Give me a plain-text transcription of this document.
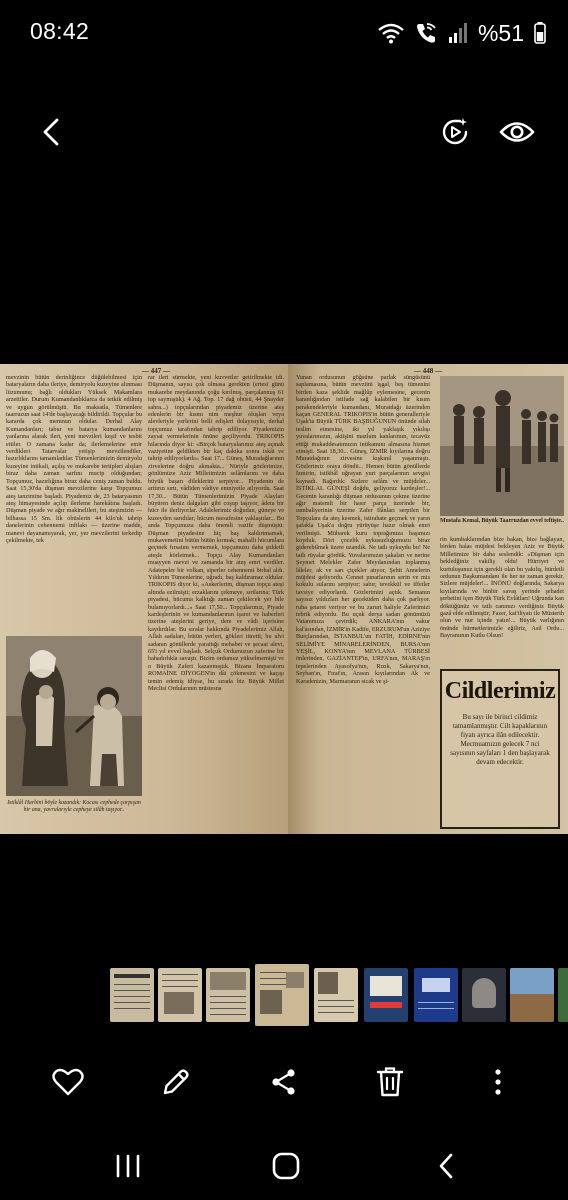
08:42	%51
— 447 —
mevzinin bütün derinliğince düğülebilmesi için bataryaların daha ileriye, demiryolu kuzeyine alınması lüzumunu; bağlı oldukları Yüksek Makamlara arzettiler. Durum Kumandanlıklarca da tetkik edilmiş ve uygun görülmüştü. Bu maksatla, Tümenlere taarruzun saat 14'de başlayacağı bildirildi. Topçular bu kararda çok memnun oldular. Derhal Alay Kumandanları; tabur ve batarya kumandanlarını yanlarına alarak ileri, yeni mevzileri keşif ve tesbit ettiler. O zamana kadar da; ilerlemelerine emir verdikleri Tatarvalar yetişip mevzilendiler, hazırlıklarını tamamladılar. Tümenlerimizin demiryolu kuzeyine intikali, açılış ve mukarebe tertipleri alışları biraz daha zaman sarfını mucip olduğundan; Topçumuz, hazırlığına biraz daha ceniş zaman buldu. Saat 15,30'da düşman mevzilerine karşı Topçumuz ateş tanzimine başladı. Piyademiz de, 23 bataryasının ateş himayesinde açılıp ilerleme harekâtına başladı. Düşman piyade ve ağır makinelileri, bu ateşimizin — bilhassa 15 Sm. lik obüslerin 44 kilo'uk tahrip danelerinin cehennemi infilakı — üzerine madde, manevi dayanamıyarak, yer, yer mevzilerini terkedip çekilmekte, tek
rar ileri sürmekte, yeni kuvvetler getirilmekte idi. Düşmanın, sayısı çok olmasa gerekten (ertesi günü mukarebe meydanında çoğu kırılmış, parçalanmış 61 top saymıştık). 4 Ağ. Top. 17 dağ obüsü, 44 Şnayder sahra...) topçularından piyademiz üzerine ateş edenlerin bir kısmı nim meşhur oluşları veya alevleriyle yerlerini belli edişleri dolayısıyle, derhal topçumuz tarafından tahrip ediliyor. Piyademizin zayıat vermelerinin önüne geçiliyordu. TRIKOPIS hilarında diyor ki: «Birçok bataryalarımız ateş açmak vaziyetine geldikten bir kaç dakika sonra iskât ve tahrip ediliyorlardı». Saat 17... Güneş, Muradağlarının zirvelerine doğru akmakta... Nüriyle gözlerimize, gönlümüze Aziz Milletimizin selâmlarını ve daha büyük başarı dileklerini serpiyor... Piyadenin de arttırın sırtı, vâdiden vâdiye emniyetle atlıyordu. Saat 17,30... Bütün Tümenlerimizin Piyade Alayları büyüren deniz dalgaları gibi coşup taşıyor, âdeta bir hücr ile ilerliyorlar. Adalelerimiz doğudan, güneye ve kuzeyden sarıdılar; hücum mesafesine yaklaştılar... Bu anda Topçumuza daha önemli vazife düşmüştü: Düşman piyadesine hiç baş kaldırtmamak, mukavemetini bütün bütün kırmak; mahalli hücumlara geçmek fırsatını vermemek, topçumuzu daha şiddetli ateşle körletmek... Topçu Alay Kumandanları muayyen mevzi ve zamanda bir ateş emri verdiler. Adatepeler bir volkan, siperler cehennemi birhal aldı. Yıldırım Tümenlerine, uğradı, baş kaldıramaz oldular. TRIKOPIS diyor ki, «Askerlerim, düşman topçu ateşi altında ezilmişti; erzaklarını çekmeye, sırtlarına; Türk piyadesi, hücuma kalktığı zaman çekilecek yer bile bulamıyorlardı...» Saat 17,50... Topçularımız, Piyade kardeşlerinin ve kumandanlarının işaret ve haberleri üzerine ateşlerini geriye, dere ve vâdi içerisine kaydırdılar. Bu sıralar hakkında Piyadelerimiz Allah, Allah sadaları, bütün yerleri, gökleri titretti; bu ulvi sadanın gönüllerde yarattığı mehabet ve şecaat alevi, 65'i yıl evvel başladı. Selçuk Ordumuzun zaferine bir bahadırlıkla savaştı. Bizim ordumuz yükselmemişti ve o Büyük Zaferi kazanmıştık. Bizans İmparatoru ROMAİNE DİYOGEN'in dâi çökmesini ve kaçışı temin edemiş idiyse, bu sırada biz Büyük Millet Meclisi Ordularının müstesna
Istiklâl Harbini böyle kazandık: Kocası cephede çarpışan bir ana, yavrularıyle cepheye silâh taşıyor..
— 448 —
Yunan ordusunun göğsüne parlak süngüsünü saplamasına, bütün mevziini işgal, beş tümenini birden kaza şeklide mağlûp eylemesine, gecenin karanlığından istifade sağ kalabilen bir kısım perakendeleriyle kumandanı, Muratdağı üzerinden kaçan GENERAL TRIKOPIS'in bütün generalleriyle Uşak'ta Büyük TÜRK BAŞBUĞUNUN önünde silah teslim etmesine, iki yıl yaklaşık yıkılışı yuvalarımızın, aktişini mazlum kanlarımın, tecavüz ettiği mukaddesatımızın intikamını almasına hizmet etmişti. Saat 18,30... Güneş, İZMİR kıyılarına doğru Muratdağının zirvesine kışkınıl yaşanmıştı. Gözlerimiz oraya döndü... Hemen bütün gönüllerde İzmirin, istikbâl uğrayan yurt parçalarının sevgisi kaynadı. Bağırdık: Sizlere selâm ve müjdeler... İSTİKLAL GÜNEŞİ doğdu, geliyoruz kardeşler!... Gecenin karanlığı düşman ordusunun çekme üzerine ağır matemli bir hasır parça üzerinde bir, ıumbaliyerinin üzerine Zafer Ilânları serpilen bir Topçulara da ateş kesmek, istirahate geçmek ve yarın şafakla Uşak'a doğru yürüyüşe hazır olmak emri verilmişti. Mübarek kuru toprağımıza başımızı koyduk. Dört çocelik uykusuzluğumuzu biraz giderebilmek üzere uzandık. Ne tatlı uykuydu bu! Ne tatlı rüyalar gördük. Yuvalarımızın şakaları ve nerine Şeymet Melekler Zafer Meydanından toplanmış lâleler, ak ve sarı çiçekler atıyor, Şehit Annelerin müjdesi geliyordu. Cennet pınarlarının serin ve mis kokulu sularını serpiyor; sabır, tevekkül ve iffetler tavsiye ediyorlardı. Gözlerimizi açtık. Semanın sayısız yıldızları her geceküden daha çok parlıyor. ruha şetaret veriyor ve bu zaruri haliyle Zaferimizi tebrik ediyordu. Bu uçuk derya sadan gönümüzü Vatanımıza çevirdik; ANKARA'nın vakur kal'asından, İZMİR'in Kadife, ERZURUM'un Aziziye Burçlarından, İSTANBUL'un FATİH, EDİRNE'nin SELİMİYE MİNARELERİNDEN, BURSA'nın YEŞİL, KONYA'nın MEVLANA TÜRBESİ önlerinden, GAZİANTEP'in, URFA'nın, MARAŞ'ın tepelerinden Ayasofya'nın, Rızık, Sakarya'nın, Seyhan'ın, Fırat'ın, Arasın kıyılarından Ak ve Karadenizin, Marmaranın sicak ve şi-
Mustafa Kemal, Büyük Taarruzdan evvel teftişte..
rin kumbaklarından bize bakan, bize bağlayan, birden halas müjdesi bekleyen Aziz ve Büyük Milletimize bir daha seslendik: «Düşman için bekledğiniz vakiliş oldu! Hürriyet ve kurtuluşunuz için gerekli olan bu yakılış, hürdetli ordunun Başkumandanı ile her ne zaman gerekir. Sizlere müjdeler!... İNÖNÜ doğlarında, Sakarya kıyılarında ve binbir savaş yerinde şehadet şerbetini içen Büyük Türk Evlâtları! Uğrunda kan döktüğünüz ve tatlı canınızı verdiğiniz Büyük gazâ elde edilmiştir; Fazer, kat'iliyatı ile Müsterih olun ve nur içinde yatın!... Büyük varlığının önünde hürmetlerimizle eğiliriz, Asil Ordu... Bayramının Kutlu Olsun!
Cildlerimiz
Bu sayı ile birinci cildimiz tamamlanmıştır. Cilt kapaklarının fiyatı ayrıca ilân edilecektir. Mecmuamızın gelecek 7 nci sayısının sayfaları 1 den başlayarak devam edecektir.
